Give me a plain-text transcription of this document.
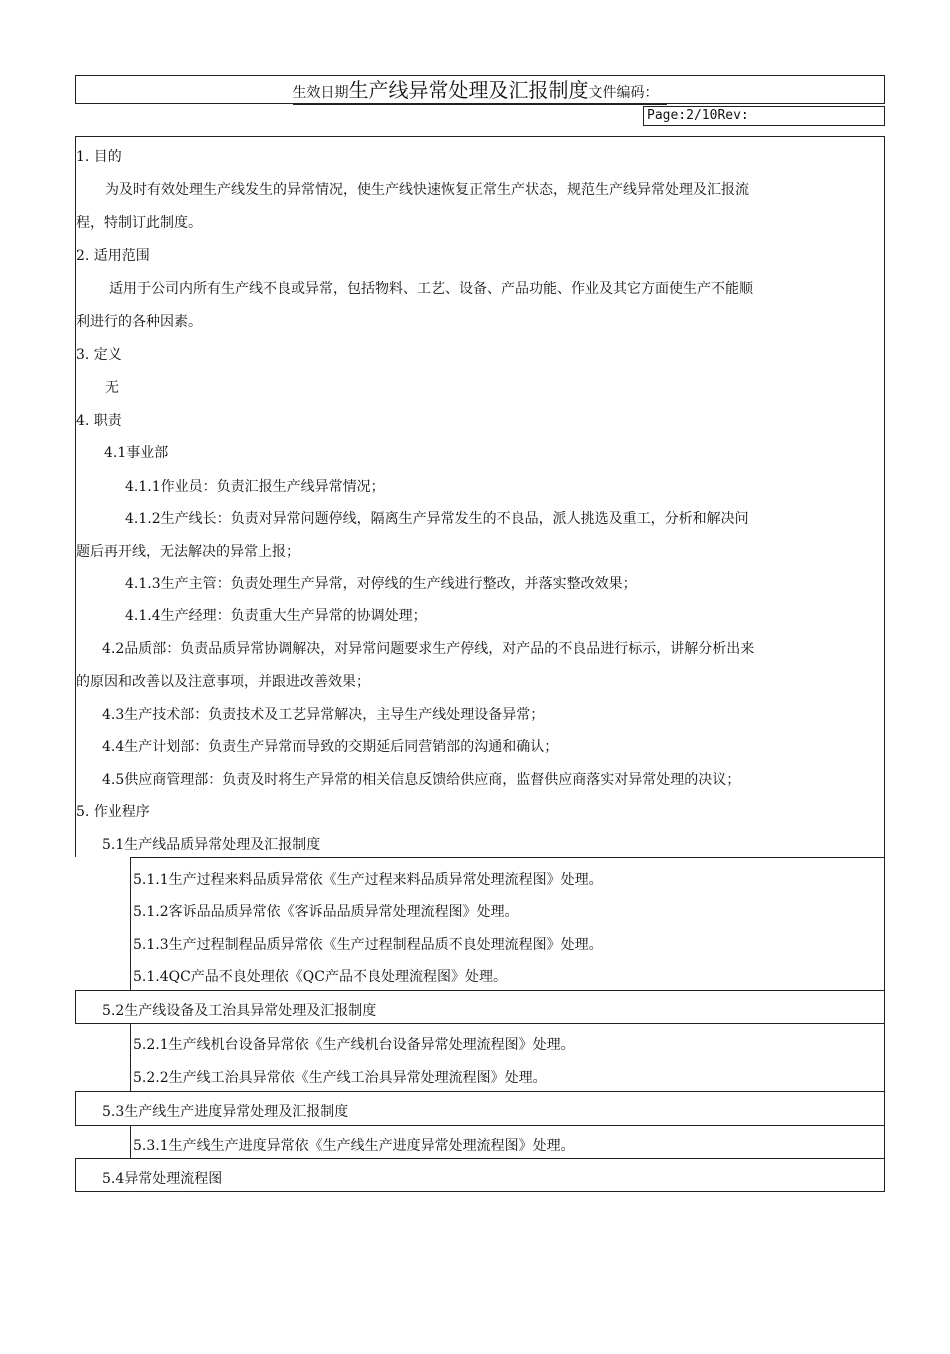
生效日期生产线异常处理及汇报制度文件编码：
Page:2/10Rev:
1. 目的
为及时有效处理生产线发生的异常情况，使生产线快速恢复正常生产状态，规范生产线异常处理及汇报流
程，特制订此制度。
2. 适用范围
适用于公司内所有生产线不良或异常，包括物料、工艺、设备、产品功能、作业及其它方面使生产不能顺
利进行的各种因素。
3. 定义
无
4. 职责
4.1事业部
4.1.1作业员：负责汇报生产线异常情况；
4.1.2生产线长：负责对异常问题停线，隔离生产异常发生的不良品，派人挑选及重工，分析和解决问
题后再开线，无法解决的异常上报；
4.1.3生产主管：负责处理生产异常，对停线的生产线进行整改，并落实整改效果；
4.1.4生产经理：负责重大生产异常的协调处理；
4.2品质部：负责品质异常协调解决，对异常问题要求生产停线，对产品的不良品进行标示，讲解分析出来
的原因和改善以及注意事项，并跟进改善效果；
4.3生产技术部：负责技术及工艺异常解决，主导生产线处理设备异常；
4.4生产计划部：负责生产异常而导致的交期延后同营销部的沟通和确认；
4.5供应商管理部：负责及时将生产异常的相关信息反馈给供应商，监督供应商落实对异常处理的决议；
5. 作业程序
5.1生产线品质异常处理及汇报制度
5.1.1生产过程来料品质异常依《生产过程来料品质异常处理流程图》处理。
5.1.2客诉品品质异常依《客诉品品质异常处理流程图》处理。
5.1.3生产过程制程品质异常依《生产过程制程品质不良处理流程图》处理。
5.1.4QC产品不良处理依《QC产品不良处理流程图》处理。
5.2生产线设备及工治具异常处理及汇报制度
5.2.1生产线机台设备异常依《生产线机台设备异常处理流程图》处理。
5.2.2生产线工治具异常依《生产线工治具异常处理流程图》处理。
5.3生产线生产进度异常处理及汇报制度
5.3.1生产线生产进度异常依《生产线生产进度异常处理流程图》处理。
5.4异常处理流程图
